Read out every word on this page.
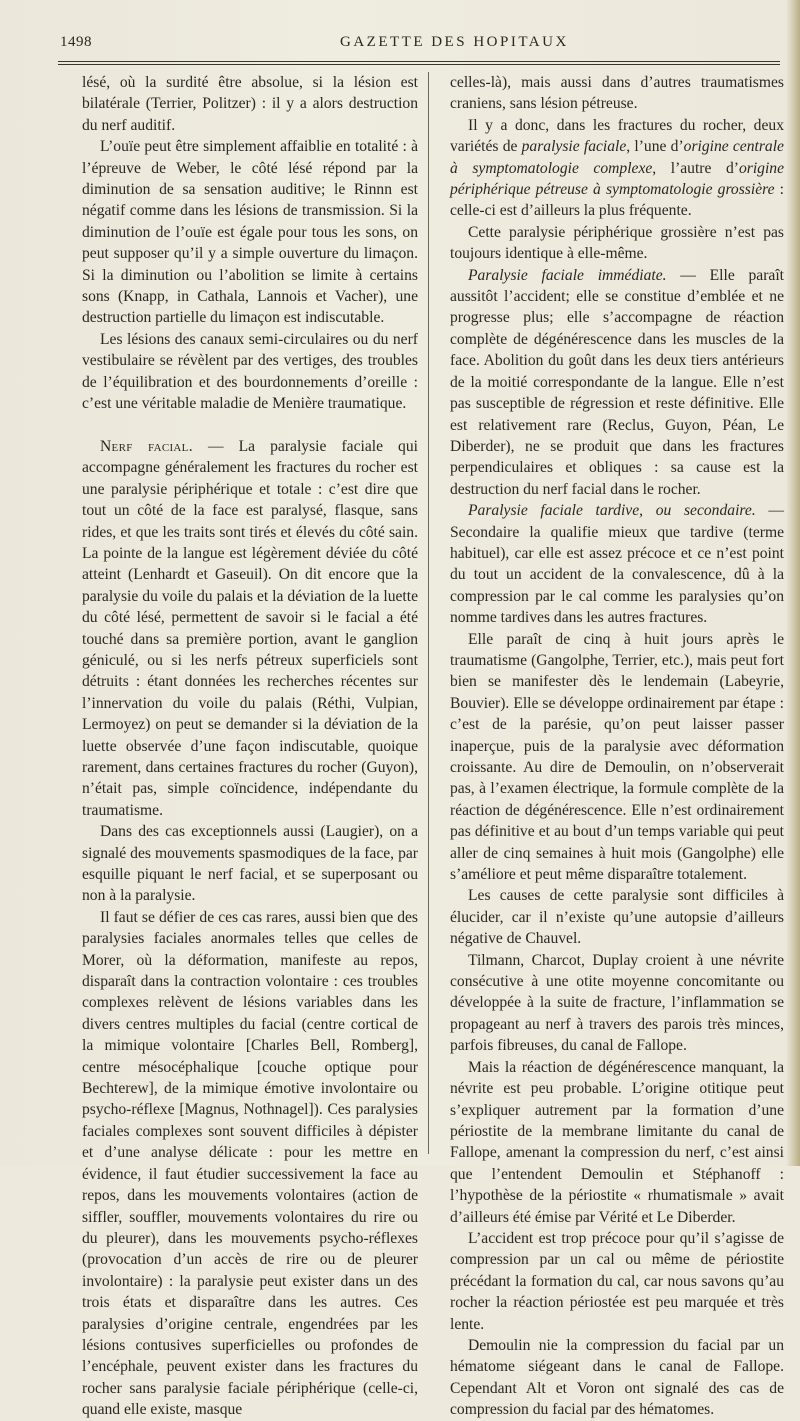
1498	GAZETTE DES HOPITAUX

lésé, où la surdité être absolue, si la lésion est bilatérale (Terrier, Politzer) : il y a alors destruction du nerf auditif.

L’ouïe peut être simplement affaiblie en totalité : à l’épreuve de Weber, le côté lésé répond par la diminution de sa sensation auditive; le Rinnn est négatif comme dans les lésions de transmission. Si la diminution de l’ouïe est égale pour tous les sons, on peut supposer qu’il y a simple ouverture du limaçon. Si la diminution ou l’abolition se limite à certains sons (Knapp, in Cathala, Lannois et Vacher), une destruction partielle du limaçon est indiscutable.

Les lésions des canaux semi-circulaires ou du nerf vestibulaire se révèlent par des vertiges, des troubles de l’équilibration et des bourdonnements d’oreille : c’est une véritable maladie de Menière traumatique.

Nerf facial. — La paralysie faciale qui accompagne généralement les fractures du rocher est une paralysie périphérique et totale : c’est dire que tout un côté de la face est paralysé, flasque, sans rides, et que les traits sont tirés et élevés du côté sain. La pointe de la langue est légèrement déviée du côté atteint (Lenhardt et Gaseuil). On dit encore que la paralysie du voile du palais et la déviation de la luette du côté lésé, permettent de savoir si le facial a été touché dans sa première portion, avant le ganglion géniculé, ou si les nerfs pétreux superficiels sont détruits : étant données les recherches récentes sur l’innervation du voile du palais (Réthi, Vulpian, Lermoyez) on peut se demander si la déviation de la luette observée d’une façon indiscutable, quoique rarement, dans certaines fractures du rocher (Guyon), n’était pas, simple coïncidence, indépendante du traumatisme.

Dans des cas exceptionnels aussi (Laugier), on a signalé des mouvements spasmodiques de la face, par esquille piquant le nerf facial, et se superposant ou non à la paralysie.

Il faut se défier de ces cas rares, aussi bien que des paralysies faciales anormales telles que celles de Morer, où la déformation, manifeste au repos, disparaît dans la contraction volontaire : ces troubles complexes relèvent de lésions variables dans les divers centres multiples du facial (centre cortical de la mimique volontaire [Charles Bell, Romberg], centre mésocéphalique [couche optique pour Bechterew], de la mimique émotive involontaire ou psycho-réflexe [Magnus, Nothnagel]). Ces paralysies faciales complexes sont souvent difficiles à dépister et d’une analyse délicate : pour les mettre en évidence, il faut étudier successivement la face au repos, dans les mouvements volontaires (action de siffler, souffler, mouvements volontaires du rire ou du pleurer), dans les mouvements psycho-réflexes (provocation d’un accès de rire ou de pleurer involontaire) : la paralysie peut exister dans un des trois états et disparaître dans les autres. Ces paralysies d’origine centrale, engendrées par les lésions contusives superficielles ou profondes de l’encéphale, peuvent exister dans les fractures du rocher sans paralysie faciale périphérique (celle-ci, quand elle existe, masque

celles-là), mais aussi dans d’autres traumatismes craniens, sans lésion pétreuse.

Il y a donc, dans les fractures du rocher, deux variétés de paralysie faciale, l’une d’origine centrale à symptomatologie complexe, l’autre d’origine périphérique pétreuse à symptomatologie grossière : celle-ci est d’ailleurs la plus fréquente.

Cette paralysie périphérique grossière n’est pas toujours identique à elle-même.

Paralysie faciale immédiate. — Elle paraît aussitôt l’accident; elle se constitue d’emblée et ne progresse plus; elle s’accompagne de réaction complète de dégénérescence dans les muscles de la face. Abolition du goût dans les deux tiers antérieurs de la moitié correspondante de la langue. Elle n’est pas susceptible de régression et reste définitive. Elle est relativement rare (Reclus, Guyon, Péan, Le Diberder), ne se produit que dans les fractures perpendiculaires et obliques : sa cause est la destruction du nerf facial dans le rocher.

Paralysie faciale tardive, ou secondaire. — Secondaire la qualifie mieux que tardive (terme habituel), car elle est assez précoce et ce n’est point du tout un accident de la convalescence, dû à la compression par le cal comme les paralysies qu’on nomme tardives dans les autres fractures.

Elle paraît de cinq à huit jours après le traumatisme (Gangolphe, Terrier, etc.), mais peut fort bien se manifester dès le lendemain (Labeyrie, Bouvier). Elle se développe ordinairement par étape : c’est de la parésie, qu’on peut laisser passer inaperçue, puis de la paralysie avec déformation croissante. Au dire de Demoulin, on n’observerait pas, à l’examen électrique, la formule complète de la réaction de dégénérescence. Elle n’est ordinairement pas définitive et au bout d’un temps variable qui peut aller de cinq semaines à huit mois (Gangolphe) elle s’améliore et peut même disparaître totalement.

Les causes de cette paralysie sont difficiles à élucider, car il n’existe qu’une autopsie d’ailleurs négative de Chauvel.

Tilmann, Charcot, Duplay croient à une névrite consécutive à une otite moyenne concomitante ou développée à la suite de fracture, l’inflammation se propageant au nerf à travers des parois très minces, parfois fibreuses, du canal de Fallope.

Mais la réaction de dégénérescence manquant, la névrite est peu probable. L’origine otitique peut s’expliquer autrement par la formation d’une périostite de la membrane limitante du canal de Fallope, amenant la compression du nerf, c’est ainsi que l’entendent Demoulin et Stéphanoff : l’hypothèse de la périostite « rhumatismale » avait d’ailleurs été émise par Vérité et Le Diberder.

L’accident est trop précoce pour qu’il s’agisse de compression par un cal ou même de périostite précédant la formation du cal, car nous savons qu’au rocher la réaction périostée est peu marquée et très lente.

Demoulin nie la compression du facial par un hématome siégeant dans le canal de Fallope. Cependant Alt et Voron ont signalé des cas de compression du facial par des hématomes.
